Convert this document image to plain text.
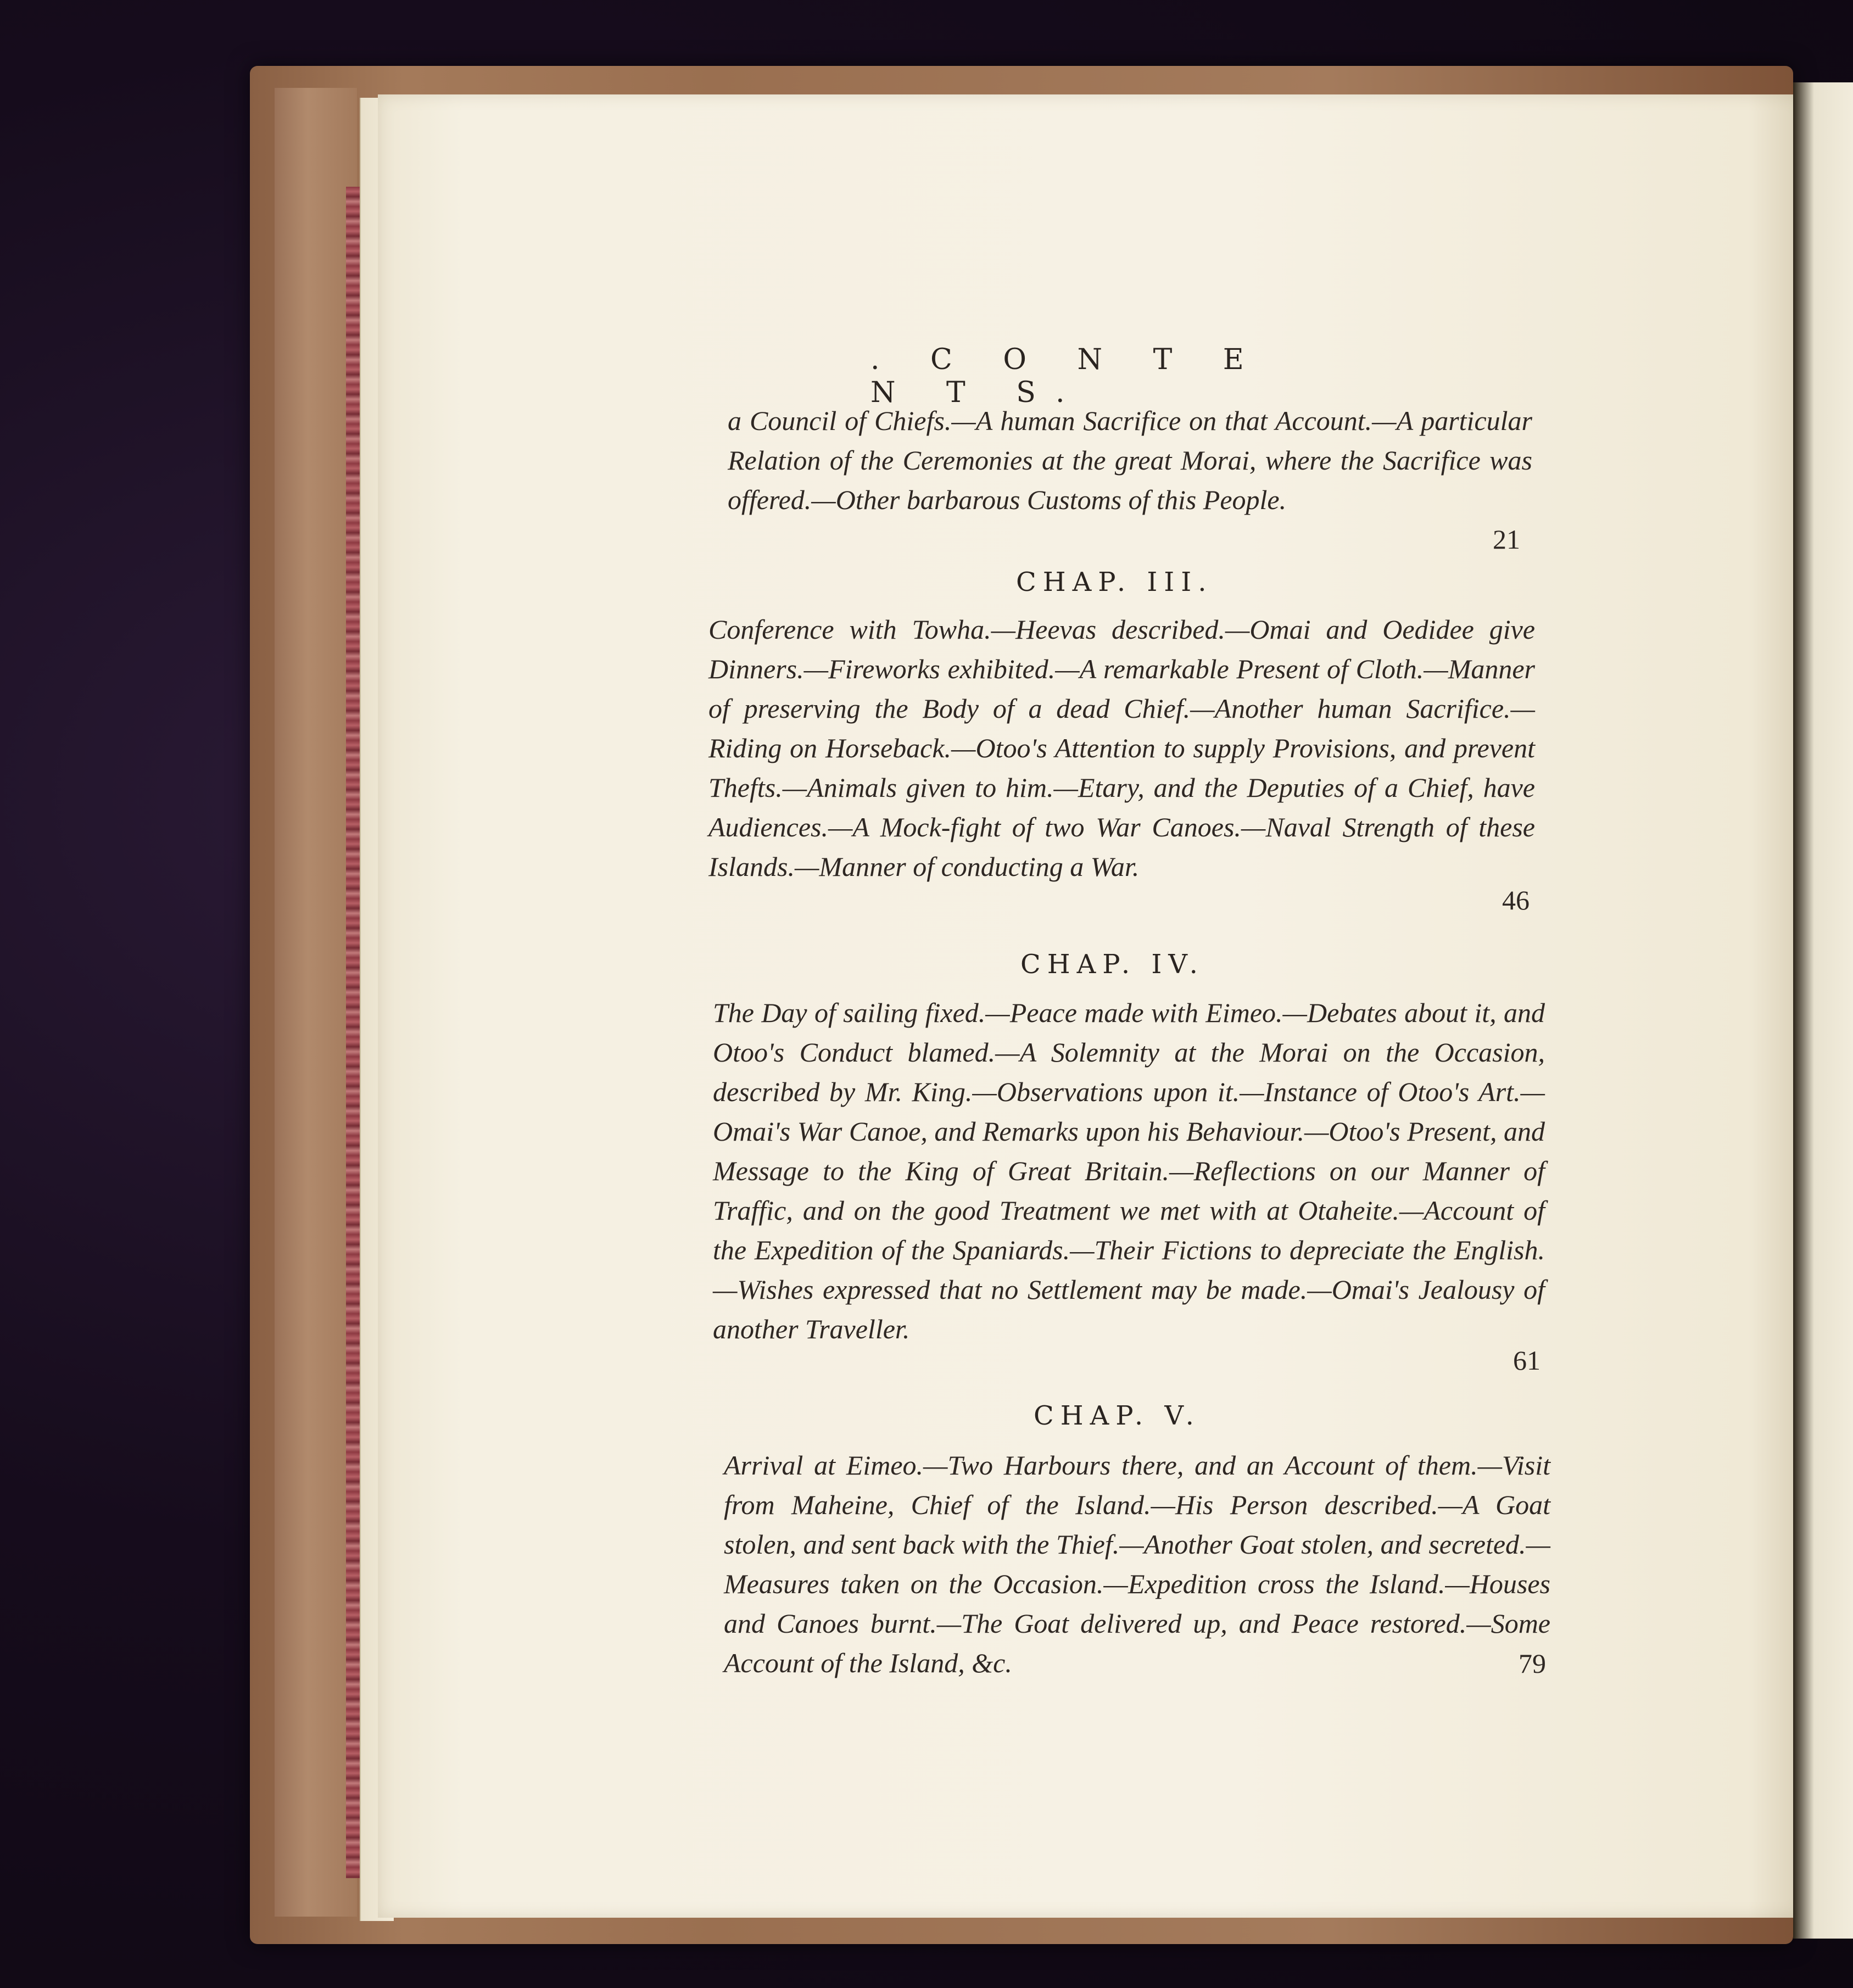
. C O N T E N T S.
a Council of Chiefs.—A human Sacrifice on that Account.—A particular Relation of the Ceremonies at the great Morai, where the Sacrifice was offered.—Other barbarous Customs of this People.
21
CHAP. III.
Conference with Towha.—Heevas described.—Omai and Oedidee give Dinners.—Fireworks exhibited.—A remarkable Present of Cloth.—Manner of preserving the Body of a dead Chief.—Another human Sacrifice.—Riding on Horseback.—Otoo's Attention to supply Provisions, and prevent Thefts.—Animals given to him.—Etary, and the Deputies of a Chief, have Audiences.—A Mock-fight of two War Canoes.—Naval Strength of these Islands.—Manner of conducting a War.
46
CHAP. IV.
The Day of sailing fixed.—Peace made with Eimeo.—Debates about it, and Otoo's Conduct blamed.—A Solemnity at the Morai on the Occasion, described by Mr. King.—Observations upon it.—Instance of Otoo's Art.—Omai's War Canoe, and Remarks upon his Behaviour.—Otoo's Present, and Message to the King of Great Britain.—Reflections on our Manner of Traffic, and on the good Treatment we met with at Otaheite.—Account of the Expedition of the Spaniards.—Their Fictions to depreciate the English.—Wishes expressed that no Settlement may be made.—Omai's Jealousy of another Traveller.
61
CHAP. V.
Arrival at Eimeo.—Two Harbours there, and an Account of them.—Visit from Maheine, Chief of the Island.—His Person described.—A Goat stolen, and sent back with the Thief.—Another Goat stolen, and secreted.—Measures taken on the Occasion.—Expedition cross the Island.—Houses and Canoes burnt.—The Goat delivered up, and Peace restored.—Some Account of the Island, &c.	79
